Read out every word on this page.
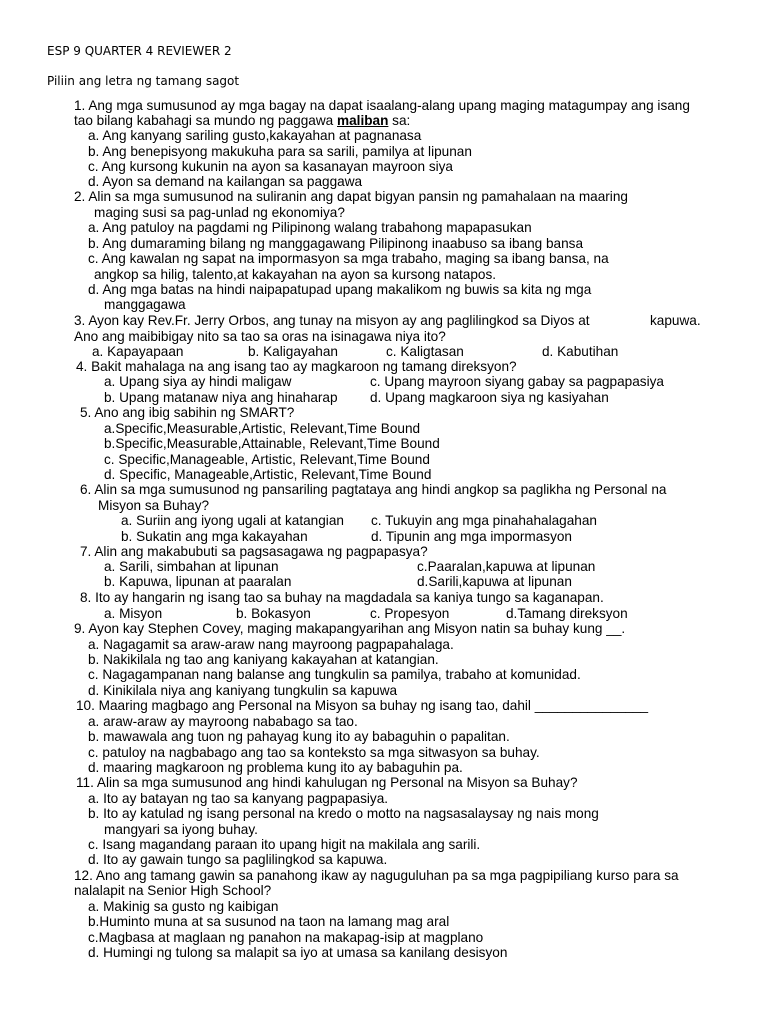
ESP 9 QUARTER 4 REVIEWER 2
Piliin ang letra ng tamang sagot
1. Ang mga sumusunod ay mga bagay na dapat isaalang-alang upang maging matagumpay ang isang
tao bilang kabahagi sa mundo ng paggawa maliban sa:
a. Ang kanyang sariling gusto,kakayahan at pagnanasa
b. Ang benepisyong makukuha para sa sarili, pamilya at lipunan
c. Ang kursong kukunin na ayon sa kasanayan mayroon siya
d. Ayon sa demand na kailangan sa paggawa
2. Alin sa mga sumusunod na suliranin ang dapat bigyan pansin ng pamahalaan na maaring
maging susi sa pag-unlad ng ekonomiya?
a. Ang patuloy na pagdami ng Pilipinong walang trabahong mapapasukan
b. Ang dumaraming bilang ng manggagawang Pilipinong inaabuso sa ibang bansa
c. Ang kawalan ng sapat na impormasyon sa mga trabaho, maging sa ibang bansa, na
angkop sa hilig, talento,at kakayahan na ayon sa kursong natapos.
d. Ang mga batas na hindi naipapatupad upang makalikom ng buwis sa kita ng mga
manggagawa
3. Ayon kay Rev.Fr. Jerry Orbos, ang tunay na misyon ay ang paglilingkod sa Diyos at	kapuwa.
Ano ang maibibigay nito sa tao sa oras na isinagawa niya ito?
a. Kapayapaan	b. Kaligayahan	c. Kaligtasan	d. Kabutihan
4. Bakit mahalaga na ang isang tao ay magkaroon ng tamang direksyon?
a. Upang siya ay hindi maligaw	c. Upang mayroon siyang gabay sa pagpapasiya
b. Upang matanaw niya ang hinaharap d. Upang magkaroon siya ng kasiyahan
5. Ano ang ibig sabihin ng SMART?
a.Specific,Measurable,Artistic, Relevant,Time Bound
b.Specific,Measurable,Attainable, Relevant,Time Bound
c. Specific,Manageable, Artistic, Relevant,Time Bound
d. Specific, Manageable,Artistic, Relevant,Time Bound
6. Alin sa mga sumusunod ng pansariling pagtataya ang hindi angkop sa paglikha ng Personal na
Misyon sa Buhay?
a. Suriin ang iyong ugali at katangian c. Tukuyin ang mga pinahahalagahan
b. Sukatin ang mga kakayahan	d. Tipunin ang mga impormasyon
7. Alin ang makabubuti sa pagsasagawa ng pagpapasya?
a. Sarili, simbahan at lipunan	c.Paaralan,kapuwa at lipunan
b. Kapuwa, lipunan at paaralan	d.Sarili,kapuwa at lipunan
8. Ito ay hangarin ng isang tao sa buhay na magdadala sa kaniya tungo sa kaganapan.
a. Misyon	b. Bokasyon	c. Propesyon	d.Tamang direksyon
9. Ayon kay Stephen Covey, maging makapangyarihan ang Misyon natin sa buhay kung __.
a. Nagagamit sa araw-araw nang mayroong pagpapahalaga.
b. Nakikilala ng tao ang kaniyang kakayahan at katangian.
c. Nagagampanan nang balanse ang tungkulin sa pamilya, trabaho at komunidad.
d. Kinikilala niya ang kaniyang tungkulin sa kapuwa
10. Maaring magbago ang Personal na Misyon sa buhay ng isang tao, dahil _______________
a. araw-araw ay mayroong nababago sa tao.
b. mawawala ang tuon ng pahayag kung ito ay babaguhin o papalitan.
c. patuloy na nagbabago ang tao sa konteksto sa mga sitwasyon sa buhay.
d. maaring magkaroon ng problema kung ito ay babaguhin pa.
11. Alin sa mga sumusunod ang hindi kahulugan ng Personal na Misyon sa Buhay?
a. Ito ay batayan ng tao sa kanyang pagpapasiya.
b. Ito ay katulad ng isang personal na kredo o motto na nagsasalaysay ng nais mong
mangyari sa iyong buhay.
c. Isang magandang paraan ito upang higit na makilala ang sarili.
d. Ito ay gawain tungo sa paglilingkod sa kapuwa.
12. Ano ang tamang gawin sa panahong ikaw ay naguguluhan pa sa mga pagpipiliang kurso para sa
nalalapit na Senior High School?
a. Makinig sa gusto ng kaibigan
b.Huminto muna at sa susunod na taon na lamang mag aral
c.Magbasa at maglaan ng panahon na makapag-isip at magplano
d. Humingi ng tulong sa malapit sa iyo at umasa sa kanilang desisyon
